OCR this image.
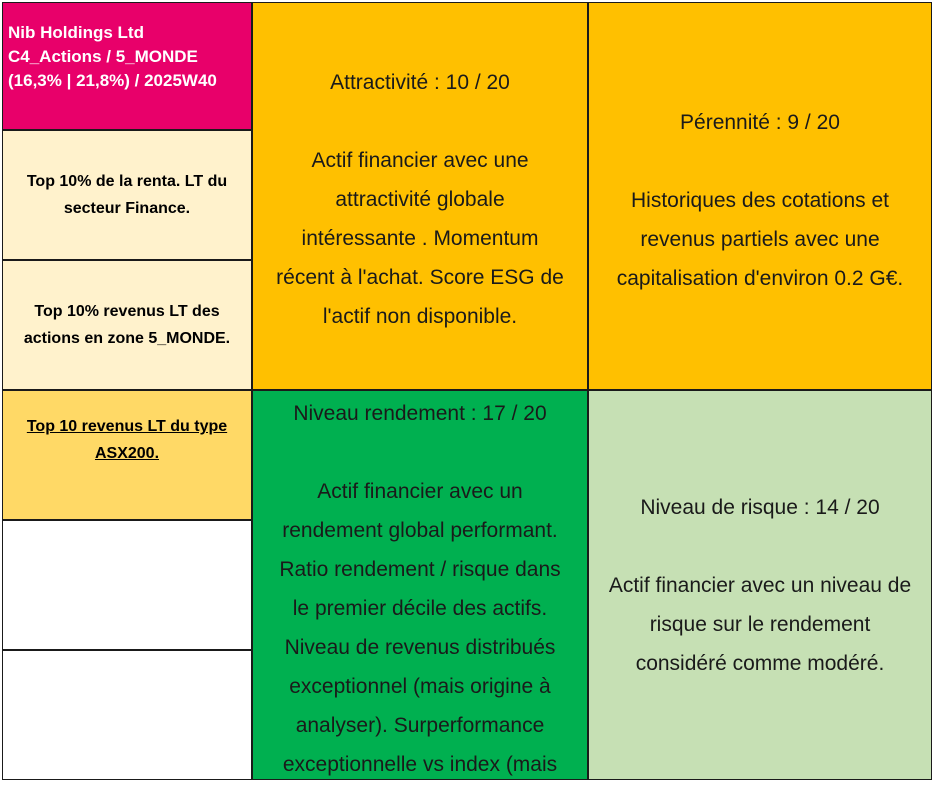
Nib Holdings Ltd
C4_Actions / 5_MONDE
(16,3% | 21,8%) / 2025W40
Top 10% de la renta. LT du
secteur Finance.
Top 10% revenus LT des
actions en zone 5_MONDE.
Top 10 revenus LT du type
ASX200.
Attractivité : 10 / 20
Actif financier avec une
attractivité globale
intéressante . Momentum
récent à l'achat. Score ESG de
l'actif non disponible.
Pérennité : 9 / 20
Historiques des cotations et
revenus partiels avec une
capitalisation d'environ 0.2 G€.
Niveau rendement : 17 / 20
Actif financier avec un
rendement global performant.
Ratio rendement / risque dans
le premier décile des actifs.
Niveau de revenus distribués
exceptionnel (mais origine à
analyser). Surperformance
exceptionnelle vs index (mais
Niveau de risque : 14 / 20
Actif financier avec un niveau de
risque sur le rendement
considéré comme modéré.
